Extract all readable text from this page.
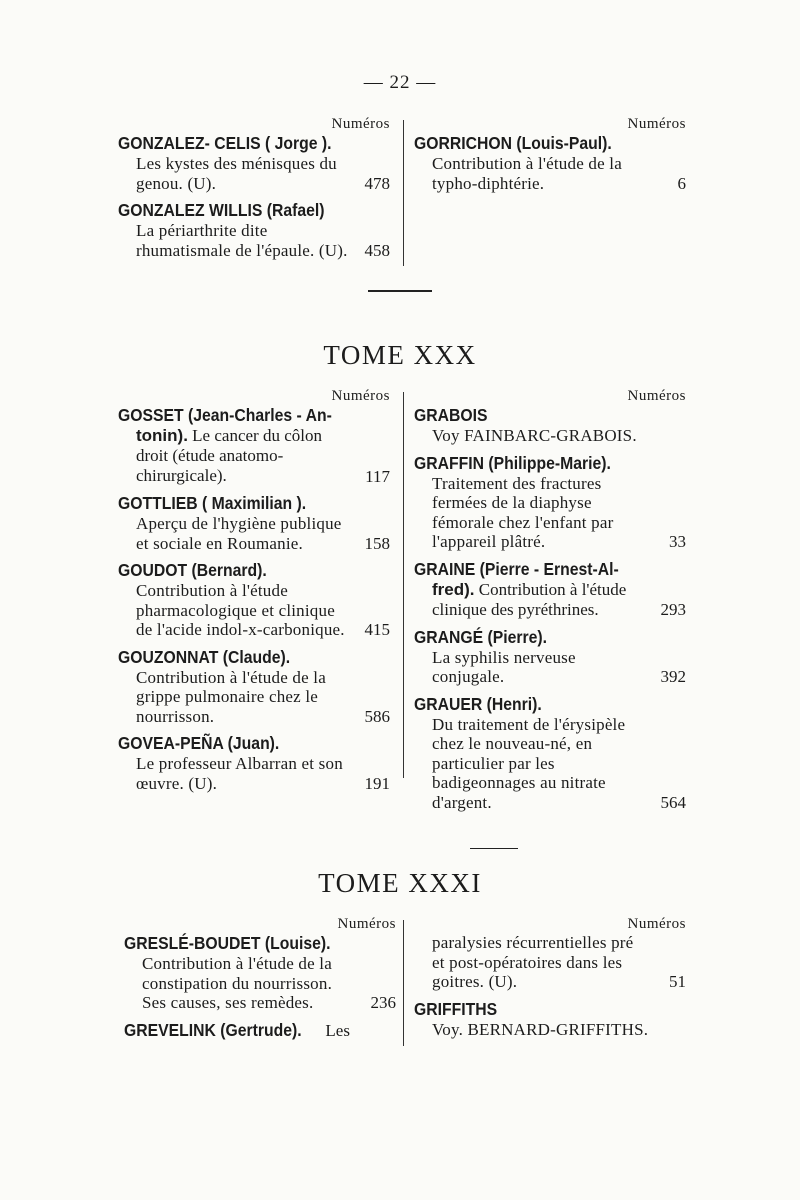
— 22 —
Numéros
GONZALEZ- CELIS ( Jorge ).
Les kystes des ménisques du genou. (U).	478
GONZALEZ WILLIS (Rafael)
La périarthrite dite rhumatismale de l'épaule. (U). 458
Numéros
GORRICHON (Louis-Paul).
Contribution à l'étude de la typho-diphtérie.	6
TOME XXX
Numéros
GOSSET (Jean-Charles - An-
tonin). Le cancer du côlon droit (étude anatomo-chirurgicale).	117
GOTTLIEB ( Maximilian ).
Aperçu de l'hygiène publique et sociale en Roumanie.	158
GOUDOT (Bernard).
Contribution à l'étude pharmacologique et clinique de l'acide indol-x-carbonique.	415
GOUZONNAT (Claude).
Contribution à l'étude de la grippe pulmonaire chez le nourrisson.	586
GOVEA-PEÑA (Juan).
Le professeur Albarran et son œuvre. (U).	191
Numéros
GRABOIS
Voy FAINBARC-GRABOIS.
GRAFFIN (Philippe-Marie).
Traitement des fractures fermées de la diaphyse fémorale chez l'enfant par l'appareil plâtré.	33
GRAINE (Pierre - Ernest-Al-
fred). Contribution à l'étude clinique des pyréthrines.	293
GRANGÉ (Pierre).
La syphilis nerveuse conjugale.	392
GRAUER (Henri).
Du traitement de l'érysipèle chez le nouveau-né, en particulier par les badigeonnages au nitrate d'argent.	564
TOME XXXI
Numéros
GRESLÉ-BOUDET (Louise).
Contribution à l'étude de la constipation du nourrisson. Ses causes, ses remèdes.	236
GREVELINK (Gertrude). Les
Numéros
paralysies récurrentielles pré et post-opératoires dans les goitres. (U).	51
GRIFFITHS
Voy. BERNARD-GRIFFITHS.
